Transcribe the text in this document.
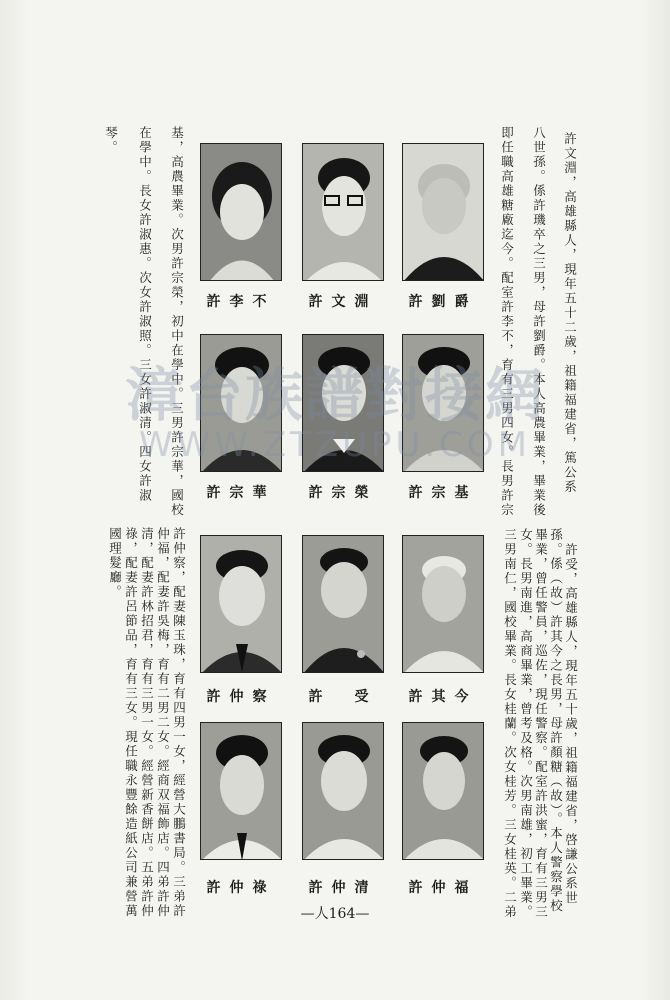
許文淵，高雄縣人，現年五十二歲，祖籍福建省，篤公系
八世孫。係許璣卒之三男，母許劉爵。本人高農畢業，畢業後
即任職高雄糖廠迄今。配室許李不，育有三男四女。長男許宗
基，高農畢業。次男許宗榮，初中在學中。三男許宗華，國校
在學中。長女許淑惠。次女許淑照。三女許淑清。四女許淑
琴。
許李不	許文淵	許劉爵
許宗華	許宗榮	許宗基
許受，高雄縣人，現年五十歲，祖籍福建省，啓謙公系世
孫。係（故）許其今之長男，母許顏糖（故）。本人警察學校
畢業，曾任警員，巡佐，現任警察。配室許洪蜜，育有三男三
女。長男南進，高商畢業，曾考及格。次男南雄，初工畢業。
三男南仁，國校畢業。長女桂蘭。次女桂芳。三女桂英。二弟
許仲察，配妻陳玉珠，育有四男一女，經營大鵬書局。三弟許
仲福，配妻許吳梅，育有二男二女。經商双福飾店。四弟許仲
清，配妻許林招君，育有三男一女。經營新香餅店。五弟許仲
祿，配妻許呂節品，育有三女。現任職永豐餘造紙公司兼營萬
國理髮廳。
許仲察	許　受	許其今
許仲祿	許仲清	許仲福
—人164—
漳台族譜對接網
WWW.ZTZUPU.COM
